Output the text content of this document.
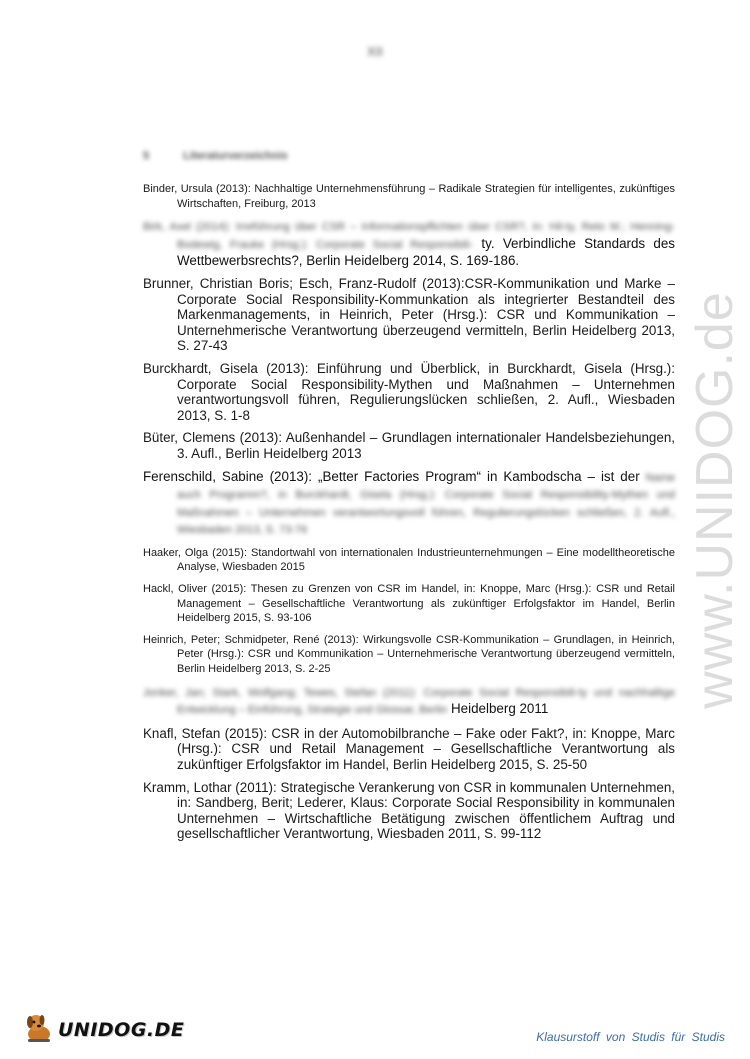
XII
www.UNIDOG.de
5	Literaturverzeichnis

Binder, Ursula (2013): Nachhaltige Unternehmensführung – Radikale Strategien für intelligentes, zukünftiges Wirtschaften, Freiburg, 2013

Birk, Axel (2014): Irreführung über CSR – Informationspflichten über CSR?, in: Hil-ty, Reto M.; Henning-Bodewig, Frauke (Hrsg.): Corporate Social Responsibili- ty. Verbindliche Standards des Wettbewerbsrechts?, Berlin Heidelberg 2014, S. 169-186.

Brunner, Christian Boris; Esch, Franz-Rudolf (2013):CSR-Kommunikation und Marke – Corporate Social Responsibility-Kommunkation als integrierter Bestandteil des Markenmanagements, in Heinrich, Peter (Hrsg.): CSR und Kommunikation – Unternehmerische Verantwortung überzeugend vermitteln, Berlin Heidelberg 2013, S. 27-43

Burckhardt, Gisela (2013): Einführung und Überblick, in Burckhardt, Gisela (Hrsg.): Corporate Social Responsibility-Mythen und Maßnahmen – Unternehmen verantwortungsvoll führen, Regulierungslücken schließen, 2. Aufl., Wiesbaden 2013, S. 1-8

Büter, Clemens (2013): Außenhandel – Grundlagen internationaler Handelsbeziehungen, 3. Aufl., Berlin Heidelberg 2013

Ferenschild, Sabine (2013): „Better Factories Program“ in Kambodscha – ist der Name auch Programm?, in Burckhardt, Gisela (Hrsg.): Corporate Social Responsibility-Mythen und Maßnahmen – Unternehmen verantwortungsvoll führen, Regulierungslücken schließen, 2. Aufl., Wiesbaden 2013, S. 73-76

Haaker, Olga (2015): Standortwahl von internationalen Industrieunternehmungen – Eine modelltheoretische Analyse, Wiesbaden 2015

Hackl, Oliver (2015): Thesen zu Grenzen von CSR im Handel, in: Knoppe, Marc (Hrsg.): CSR und Retail Management – Gesellschaftliche Verantwortung als zukünftiger Erfolgsfaktor im Handel, Berlin Heidelberg 2015, S. 93-106

Heinrich, Peter; Schmidpeter, René (2013): Wirkungsvolle CSR-Kommunikation – Grundlagen, in Heinrich, Peter (Hrsg.): CSR und Kommunikation – Unternehmerische Verantwortung überzeugend vermitteln, Berlin Heidelberg 2013, S. 2-25

Jonker, Jan; Stark, Wolfgang; Tewes, Stefan (2011): Corporate Social Responsibili-ty und nachhaltige Entwicklung – Einführung, Strategie und Glossar, Berlin Heidelberg 2011

Knafl, Stefan (2015): CSR in der Automobilbranche – Fake oder Fakt?, in: Knoppe, Marc (Hrsg.): CSR und Retail Management – Gesellschaftliche Verantwortung als zukünftiger Erfolgsfaktor im Handel, Berlin Heidelberg 2015, S. 25-50

Kramm, Lothar (2011): Strategische Verankerung von CSR in kommunalen Unternehmen, in: Sandberg, Berit; Lederer, Klaus: Corporate Social Responsibility in kommunalen Unternehmen – Wirtschaftliche Betätigung zwischen öffentlichem Auftrag und gesellschaftlicher Verantwortung, Wiesbaden 2011, S. 99-112

UNIDOG.DE	Klausurstoff von Studis für Studis
